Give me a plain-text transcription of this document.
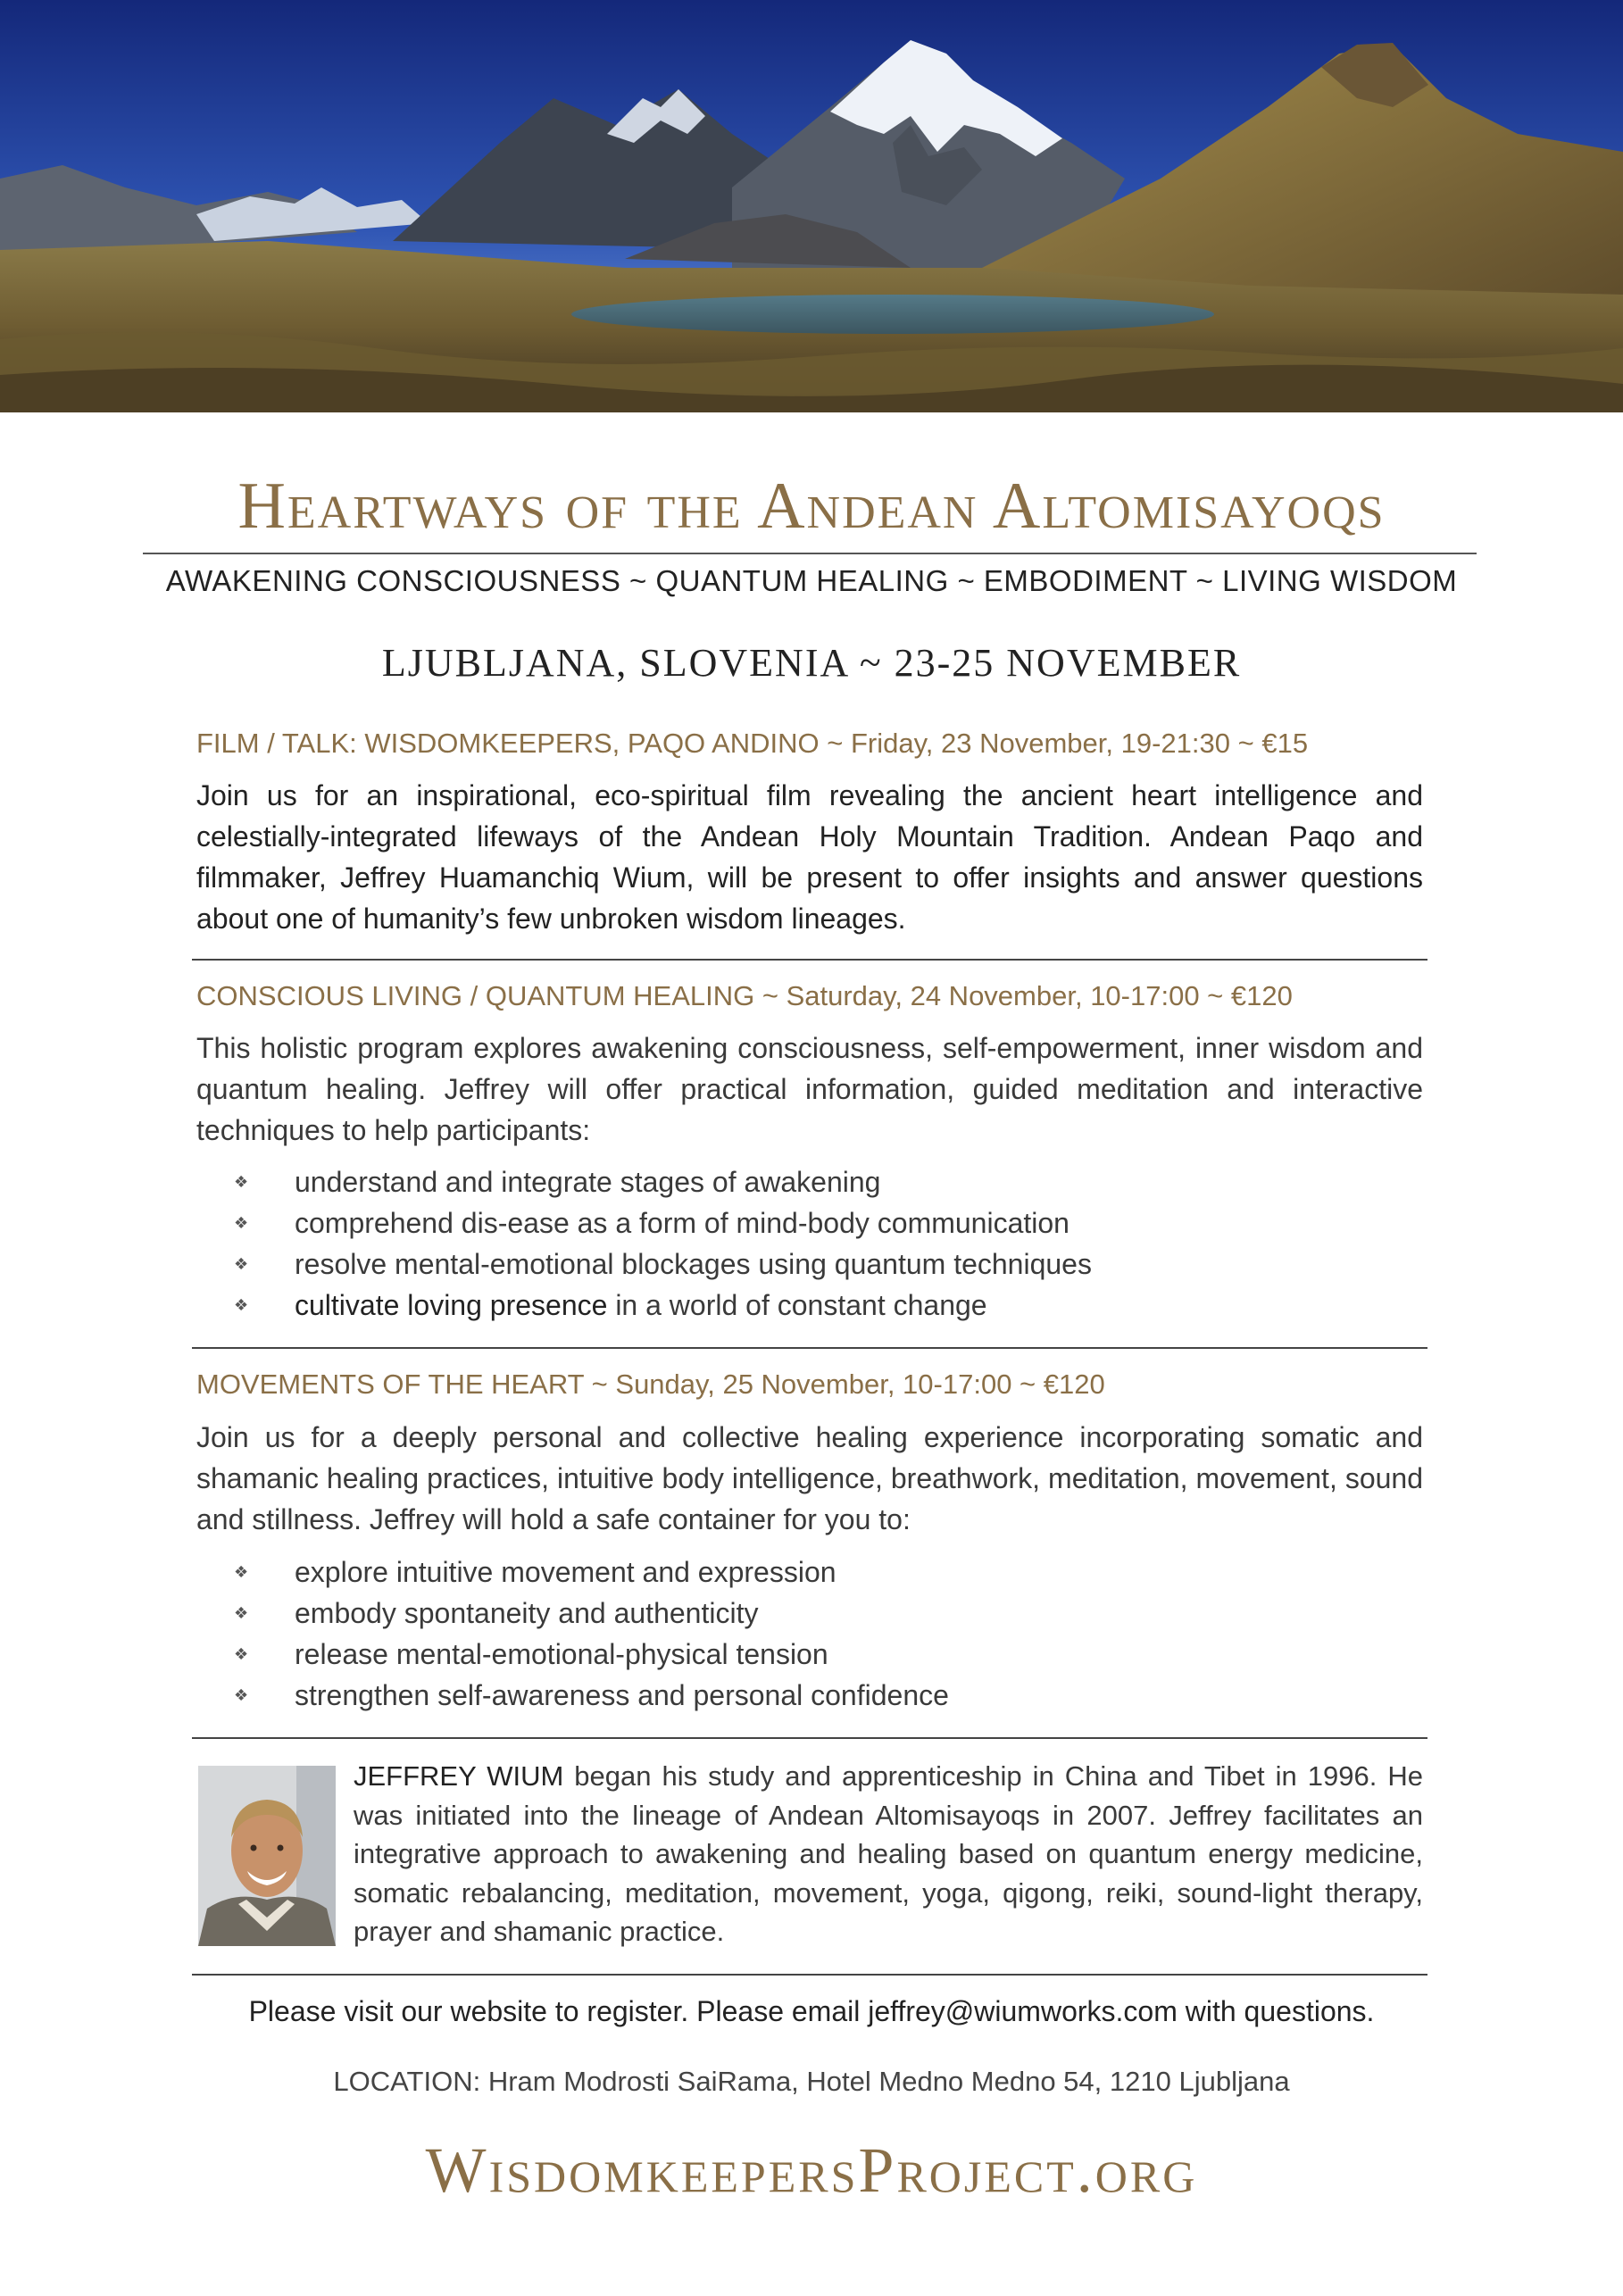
Heartways of the Andean Altomisayoqs
AWAKENING CONSCIOUSNESS ~ QUANTUM HEALING ~ EMBODIMENT ~ LIVING WISDOM
LJUBLJANA, SLOVENIA ~ 23-25 NOVEMBER
FILM / TALK: WISDOMKEEPERS, PAQO ANDINO ~ Friday, 23 November, 19-21:30 ~ €15

Join us for an inspirational, eco-spiritual film revealing the ancient heart intelligence and celestially-integrated lifeways of the Andean Holy Mountain Tradition. Andean Paqo and filmmaker, Jeffrey Huamanchiq Wium, will be present to offer insights and answer questions about one of humanity’s few unbroken wisdom lineages.

CONSCIOUS LIVING / QUANTUM HEALING ~ Saturday, 24 November, 10-17:00 ~ €120

This holistic program explores awakening consciousness, self-empowerment, inner wisdom and quantum healing. Jeffrey will offer practical information, guided meditation and interactive techniques to help participants:

❖ understand and integrate stages of awakening
❖ comprehend dis-ease as a form of mind-body communication
❖ resolve mental-emotional blockages using quantum techniques
❖ cultivate loving presence in a world of constant change
MOVEMENTS OF THE HEART ~ Sunday, 25 November, 10-17:00 ~ €120

Join us for a deeply personal and collective healing experience incorporating somatic and shamanic healing practices, intuitive body intelligence, breathwork, meditation, movement, sound and stillness. Jeffrey will hold a safe container for you to:

❖ explore intuitive movement and expression
❖ embody spontaneity and authenticity
❖ release mental-emotional-physical tension
❖ strengthen self-awareness and personal confidence

JEFFREY WIUM began his study and apprenticeship in China and Tibet in 1996. He was initiated into the lineage of Andean Altomisayoqs in 2007. Jeffrey facilitates an integrative approach to awakening and healing based on quantum energy medicine, somatic rebalancing, meditation, movement, yoga, qigong, reiki, sound-light therapy, prayer and shamanic practice.

Please visit our website to register. Please email jeffrey@wiumworks.com with questions.
LOCATION: Hram Modrosti SaiRama, Hotel Medno Medno 54, 1210 Ljubljana
WisdomkeepersProject.org
